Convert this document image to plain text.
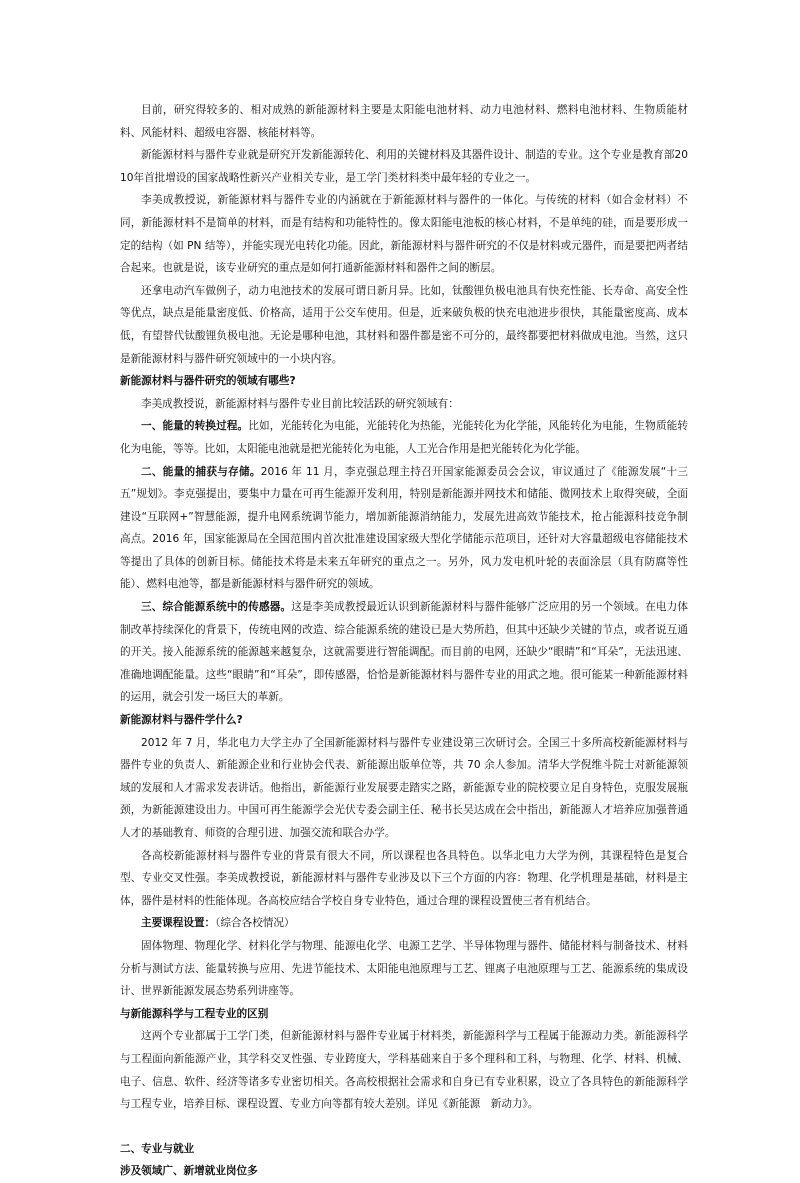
目前，研究得较多的、相对成熟的新能源材料主要是太阳能电池材料、动力电池材料、燃料电池材料、生物质能材料、风能材料、超级电容器、核能材料等。

新能源材料与器件专业就是研究开发新能源转化、利用的关键材料及其器件设计、制造的专业。这个专业是教育部2010年首批增设的国家战略性新兴产业相关专业，是工学门类材料类中最年轻的专业之一。

李美成教授说，新能源材料与器件专业的内涵就在于新能源材料与器件的一体化。与传统的材料（如合金材料）不同，新能源材料不是简单的材料，而是有结构和功能特性的。像太阳能电池板的核心材料，不是单纯的硅，而是要形成一定的结构（如 PN 结等），并能实现光电转化功能。因此，新能源材料与器件研究的不仅是材料或元器件，而是要把两者结合起来。也就是说，该专业研究的重点是如何打通新能源材料和器件之间的断层。

还拿电动汽车做例子，动力电池技术的发展可谓日新月异。比如，钛酸锂负极电池具有快充性能、长寿命、高安全性等优点，缺点是能量密度低、价格高，适用于公交车使用。但是，近来破负极的快充电池进步很快，其能量密度高、成本低，有望替代钛酸锂负极电池。无论是哪种电池，其材料和器件都是密不可分的，最终都要把材料做成电池。当然，这只是新能源材料与器件研究领域中的一小块内容。

新能源材料与器件研究的领域有哪些?

李美成教授说，新能源材料与器件专业目前比较活跃的研究领域有：

一、能量的转换过程。比如，光能转化为电能，光能转化为热能，光能转化为化学能，风能转化为电能，生物质能转化为电能，等等。比如，太阳能电池就是把光能转化为电能，人工光合作用是把光能转化为化学能。

二、能量的捕获与存储。2016 年 11 月，李克强总理主持召开国家能源委员会会议，审议通过了《能源发展“十三五”规划》。李克强提出，要集中力量在可再生能源开发利用，特别是新能源并网技术和储能、微网技术上取得突破，全面建设“互联网+”智慧能源，提升电网系统调节能力，增加新能源消纳能力，发展先进高效节能技术，抢占能源科技竞争制高点。2016 年，国家能源局在全国范围内首次批准建设国家级大型化学储能示范项目，还针对大容量超级电容储能技术等提出了具体的创新目标。储能技术将是未来五年研究的重点之一。另外，风力发电机叶轮的表面涂层（具有防腐等性能）、燃料电池等，都是新能源材料与器件研究的领域。

三、综合能源系统中的传感器。这是李美成教授最近认识到新能源材料与器件能够广泛应用的另一个领域。在电力体制改革持续深化的背景下，传统电网的改造、综合能源系统的建设已是大势所趋，但其中还缺少关键的节点，或者说互通的开关。接入能源系统的能源越来越复杂，这就需要进行智能调配。而目前的电网，还缺少“眼睛”和“耳朵”，无法迅速、准确地调配能量。这些“眼睛”和“耳朵”，即传感器，恰恰是新能源材料与器件专业的用武之地。很可能某一种新能源材料的运用，就会引发一场巨大的革新。

新能源材料与器件学什么?

2012 年 7 月，华北电力大学主办了全国新能源材料与器件专业建设第三次研讨会。全国三十多所高校新能源材料与器件专业的负责人、新能源企业和行业协会代表、新能源出版单位等，共 70 余人参加。清华大学倪维斗院士对新能源领域的发展和人才需求发表讲话。他指出，新能源行业发展要走踏实之路，新能源专业的院校要立足自身特色，克服发展瓶颈，为新能源建设出力。中国可再生能源学会光伏专委会副主任、秘书长吴达成在会中指出，新能源人才培养应加强普通人才的基础教育、师资的合理引进、加强交流和联合办学。

各高校新能源材料与器件专业的背景有很大不同，所以课程也各具特色。以华北电力大学为例，其课程特色是复合型、专业交叉性强。李美成教授说，新能源材料与器件专业涉及以下三个方面的内容：物理、化学机理是基础，材料是主体，器件是材料的性能体现。各高校应结合学校自身专业特色，通过合理的课程设置使三者有机结合。

主要课程设置：（综合各校情况）

固体物理、物理化学、材料化学与物理、能源电化学、电源工艺学、半导体物理与器件、储能材料与制备技术、材料分析与测试方法、能量转换与应用、先进节能技术、太阳能电池原理与工艺、锂离子电池原理与工艺、能源系统的集成设计、世界新能源发展态势系列讲座等。

与新能源科学与工程专业的区别

这两个专业都属于工学门类，但新能源材料与器件专业属于材料类，新能源科学与工程属于能源动力类。新能源科学与工程面向新能源产业，其学科交叉性强、专业跨度大，学科基础来自于多个理科和工科，与物理、化学、材料、机械、电子、信息、软件、经济等诸多专业密切相关。各高校根据社会需求和自身已有专业积累，设立了各具特色的新能源科学与工程专业，培养目标、课程设置、专业方向等都有较大差别。详见《新能源　新动力》。

二、专业与就业
涉及领域广、新增就业岗位多
